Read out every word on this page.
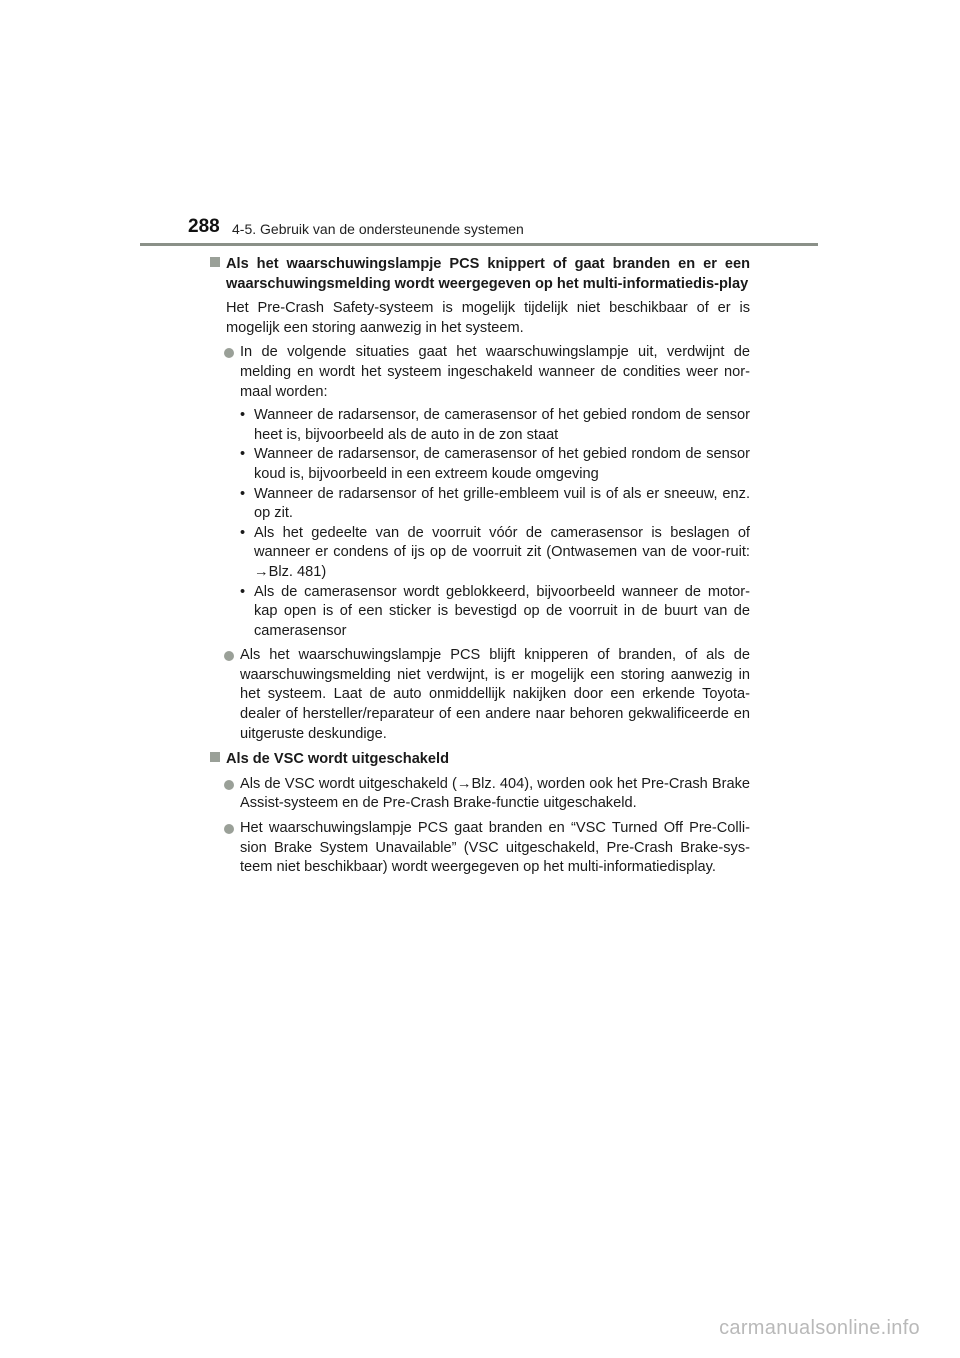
288 4-5. Gebruik van de ondersteunende systemen
Als het waarschuwingslampje PCS knippert of gaat branden en er een waarschuwingsmelding wordt weergegeven op het multi-informatiedis-play
Het Pre-Crash Safety-systeem is mogelijk tijdelijk niet beschikbaar of er is mogelijk een storing aanwezig in het systeem.
In de volgende situaties gaat het waarschuwingslampje uit, verdwijnt de melding en wordt het systeem ingeschakeld wanneer de condities weer nor-maal worden:
• Wanneer de radarsensor, de camerasensor of het gebied rondom de sensor heet is, bijvoorbeeld als de auto in de zon staat
• Wanneer de radarsensor, de camerasensor of het gebied rondom de sensor koud is, bijvoorbeeld in een extreem koude omgeving
• Wanneer de radarsensor of het grille-embleem vuil is of als er sneeuw, enz. op zit.
• Als het gedeelte van de voorruit vóór de camerasensor is beslagen of wanneer er condens of ijs op de voorruit zit (Ontwasemen van de voor-ruit: →Blz. 481)
• Als de camerasensor wordt geblokkeerd, bijvoorbeeld wanneer de motor-kap open is of een sticker is bevestigd op de voorruit in de buurt van de camerasensor
Als het waarschuwingslampje PCS blijft knipperen of branden, of als de waarschuwingsmelding niet verdwijnt, is er mogelijk een storing aanwezig in het systeem. Laat de auto onmiddellijk nakijken door een erkende Toyota-dealer of hersteller/reparateur of een andere naar behoren gekwalificeerde en uitgeruste deskundige.
Als de VSC wordt uitgeschakeld
Als de VSC wordt uitgeschakeld (→Blz. 404), worden ook het Pre-Crash Brake Assist-systeem en de Pre-Crash Brake-functie uitgeschakeld.
Het waarschuwingslampje PCS gaat branden en “VSC Turned Off Pre-Colli-sion Brake System Unavailable” (VSC uitgeschakeld, Pre-Crash Brake-sys-teem niet beschikbaar) wordt weergegeven op het multi-informatiedisplay.
carmanualsonline.info
